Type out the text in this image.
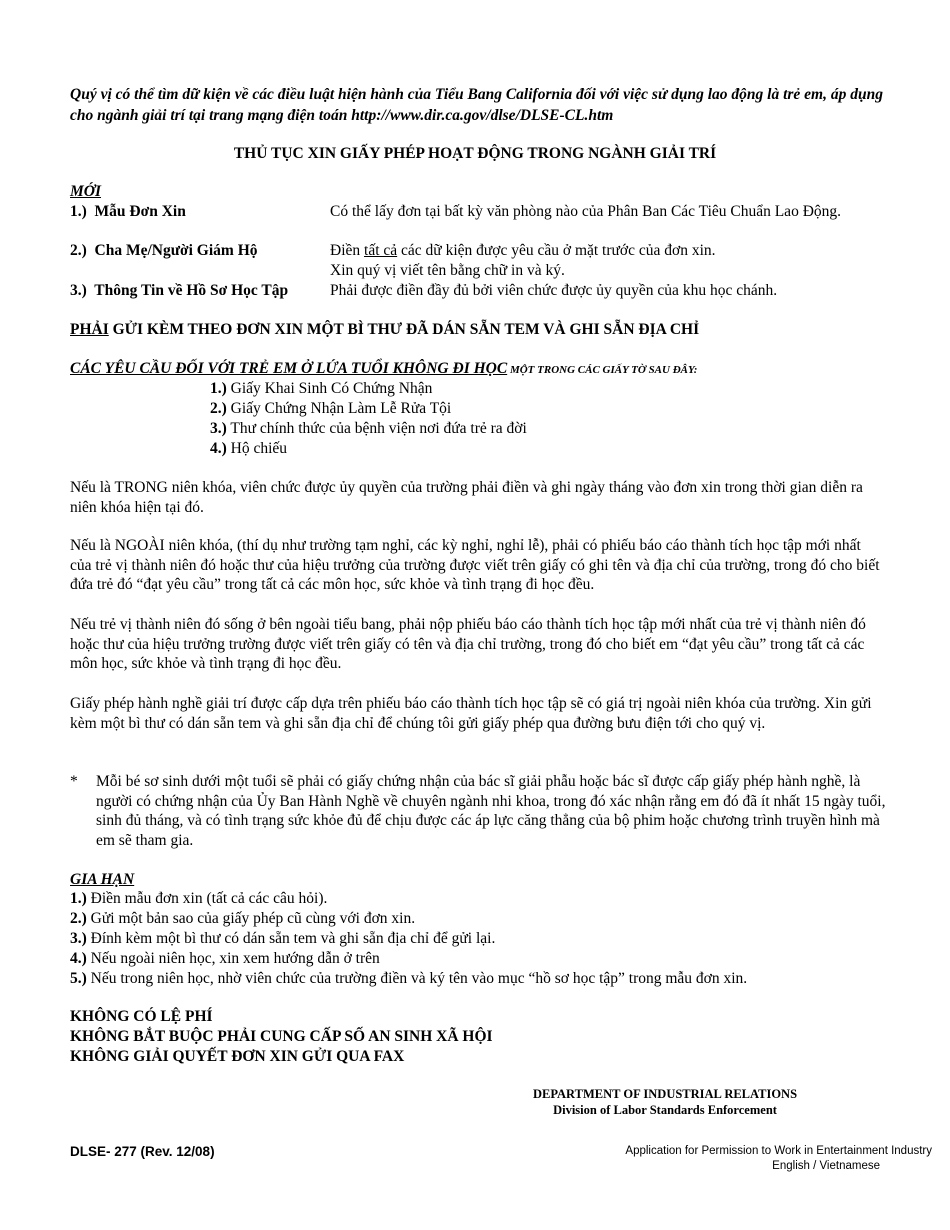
Quý vị có thể tìm dữ kiện về các điều luật hiện hành của Tiểu Bang California đối với việc sử dụng lao động là trẻ em, áp dụng cho ngành giải trí tại trang mạng điện toán http://www.dir.ca.gov/dlse/DLSE-CL.htm
THỦ TỤC XIN GIẤY PHÉP HOẠT ĐỘNG TRONG NGÀNH GIẢI TRÍ
MỚI
1.) Mẫu Đơn Xin	Có thể lấy đơn tại bất kỳ văn phòng nào của Phân Ban Các Tiêu Chuẩn Lao Động.
2.) Cha Mẹ/Người Giám Hộ	Điền tất cả các dữ kiện được yêu cầu ở mặt trước của đơn xin.
Xin quý vị viết tên bằng chữ in và ký.
3.) Thông Tin về Hồ Sơ Học Tập	Phải được điền đầy đủ bởi viên chức được ủy quyền của khu học chánh.
PHẢI GỬI KÈM THEO ĐƠN XIN MỘT BÌ THƯ ĐÃ DÁN SẴN TEM VÀ GHI SẴN ĐỊA CHỈ
CÁC YÊU CẦU ĐỐI VỚI TRẺ EM Ở LỨA TUỔI KHÔNG ĐI HỌC MỘT TRONG CÁC GIẤY TỜ SAU ĐÂY:
1.) Giấy Khai Sinh Có Chứng Nhận
2.) Giấy Chứng Nhận Làm Lễ Rửa Tội
3.) Thư chính thức của bệnh viện nơi đứa trẻ ra đời
4.) Hộ chiếu
Nếu là TRONG niên khóa, viên chức được ủy quyền của trường phải điền và ghi ngày tháng vào đơn xin trong thời gian diễn ra niên khóa hiện tại đó.
Nếu là NGOÀI niên khóa, (thí dụ như trường tạm nghỉ, các kỳ nghỉ, nghỉ lễ), phải có phiếu báo cáo thành tích học tập mới nhất của trẻ vị thành niên đó hoặc thư của hiệu trưởng của trường được viết trên giấy có ghi tên và địa chỉ của trường, trong đó cho biết đứa trẻ đó “đạt yêu cầu” trong tất cả các môn học, sức khỏe và tình trạng đi học đều.
Nếu trẻ vị thành niên đó sống ở bên ngoài tiểu bang, phải nộp phiếu báo cáo thành tích học tập mới nhất của trẻ vị thành niên đó hoặc thư của hiệu trưởng trường được viết trên giấy có tên và địa chỉ trường, trong đó cho biết em “đạt yêu cầu” trong tất cả các môn học, sức khỏe và tình trạng đi học đều.
Giấy phép hành nghề giải trí được cấp dựa trên phiếu báo cáo thành tích học tập sẽ có giá trị ngoài niên khóa của trường. Xin gửi kèm một bì thư có dán sẵn tem và ghi sẵn địa chỉ để chúng tôi gửi giấy phép qua đường bưu điện tới cho quý vị.
* Mỗi bé sơ sinh dưới một tuổi sẽ phải có giấy chứng nhận của bác sĩ giải phẫu hoặc bác sĩ được cấp giấy phép hành nghề, là người có chứng nhận của Ủy Ban Hành Nghề về chuyên ngành nhi khoa, trong đó xác nhận rằng em đó đã ít nhất 15 ngày tuổi, sinh đủ tháng, và có tình trạng sức khỏe đủ để chịu được các áp lực căng thẳng của bộ phim hoặc chương trình truyền hình mà em sẽ tham gia.
GIA HẠN
1.) Điền mẫu đơn xin (tất cả các câu hỏi).
2.) Gửi một bản sao của giấy phép cũ cùng với đơn xin.
3.) Đính kèm một bì thư có dán sẵn tem và ghi sẵn địa chỉ để gửi lại.
4.) Nếu ngoài niên học, xin xem hướng dẫn ở trên
5.) Nếu trong niên học, nhờ viên chức của trường điền và ký tên vào mục “hồ sơ học tập” trong mẫu đơn xin.
KHÔNG CÓ LỆ PHÍ
KHÔNG BẮT BUỘC PHẢI CUNG CẤP SỐ AN SINH XÃ HỘI
KHÔNG GIẢI QUYẾT ĐƠN XIN GỬI QUA FAX
DEPARTMENT OF INDUSTRIAL RELATIONS
Division of Labor Standards Enforcement
DLSE- 277 (Rev. 12/08)	Application for Permission to Work in Entertainment Industry
English / Vietnamese
